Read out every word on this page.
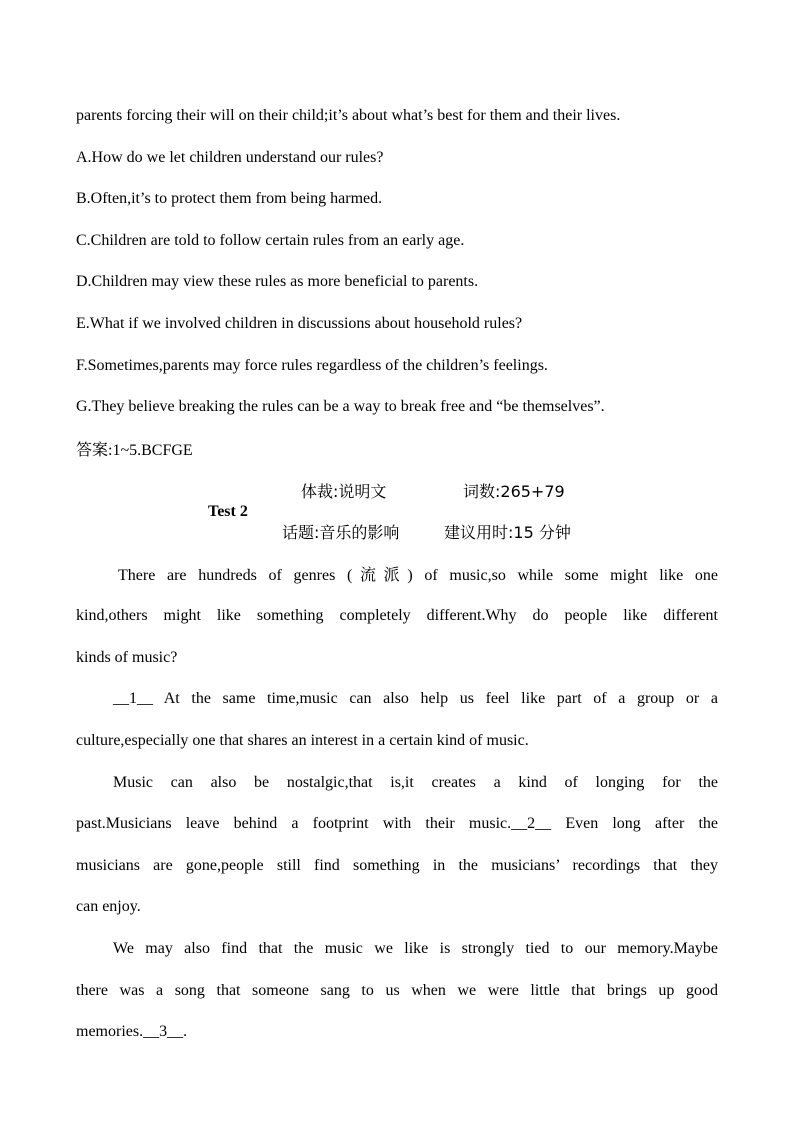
parents forcing their will on their child;it’s about what’s best for them and their lives.
A.How do we let children understand our rules?
B.Often,it’s to protect them from being harmed.
C.Children are told to follow certain rules from an early age.
D.Children may view these rules as more beneficial to parents.
E.What if we involved children in discussions about household rules?
F.Sometimes,parents may force rules regardless of the children’s feelings.
G.They believe breaking the rules can be a way to break free and “be themselves”.
答案:1~5.BCFGE
Test 2
体裁:说明文	词数:265+79
话题:音乐的影响	建议用时:15 分钟
There are hundreds of genres (流派) of music,so while some might like one
kind,others might like something completely different.Why do people like different
kinds of music?
__1__ At the same time,music can also help us feel like part of a group or a
culture,especially one that shares an interest in a certain kind of music.
Music can also be nostalgic,that is,it creates a kind of longing for the
past.Musicians leave behind a footprint with their music.__2__ Even long after the
musicians are gone,people still find something in the musicians’ recordings that they
can enjoy.
We may also find that the music we like is strongly tied to our memory.Maybe
there was a song that someone sang to us when we were little that brings up good
memories.__3__.
